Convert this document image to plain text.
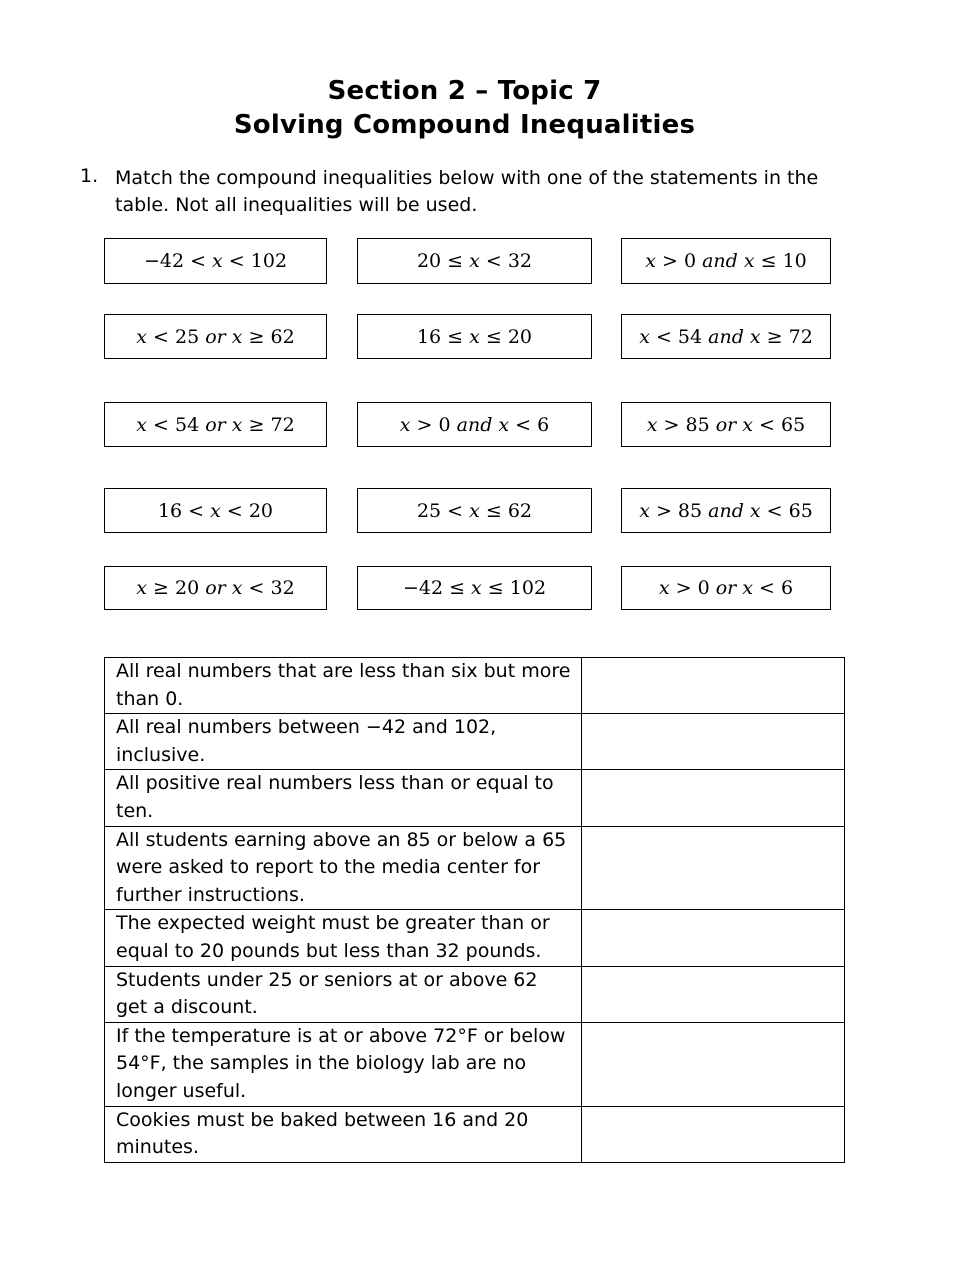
Section 2 – Topic 7
Solving Compound Inequalities
1. Match the compound inequalities below with one of the statements in the table. Not all inequalities will be used.
−42 < 𝑥 < 102	20 ≤ 𝑥 < 32	𝑥 > 0 𝑎𝑛𝑑 𝑥 ≤ 10
𝑥 < 25 𝑜𝑟 𝑥 ≥ 62	16 ≤ 𝑥 ≤ 20	𝑥 < 54 𝑎𝑛𝑑 𝑥 ≥ 72
𝑥 < 54 𝑜𝑟 𝑥 ≥ 72	𝑥 > 0 𝑎𝑛𝑑 𝑥 < 6	𝑥 > 85 𝑜𝑟 𝑥 < 65
16 < 𝑥 < 20	25 < 𝑥 ≤ 62	𝑥 > 85 𝑎𝑛𝑑 𝑥 < 65
𝑥 ≥ 20 𝑜𝑟 𝑥 < 32	−42 ≤ 𝑥 ≤ 102	𝑥 > 0 𝑜𝑟 𝑥 < 6
All real numbers that are less than six but more than 0.	
All real numbers between −42 and 102, inclusive.	
All positive real numbers less than or equal to ten.	
All students earning above an 85 or below a 65 were asked to report to the media center for further instructions.	
The expected weight must be greater than or equal to 20 pounds but less than 32 pounds.	
Students under 25 or seniors at or above 62 get a discount.	
If the temperature is at or above 72°F or below 54°F, the samples in the biology lab are no longer useful.	
Cookies must be baked between 16 and 20 minutes.	
